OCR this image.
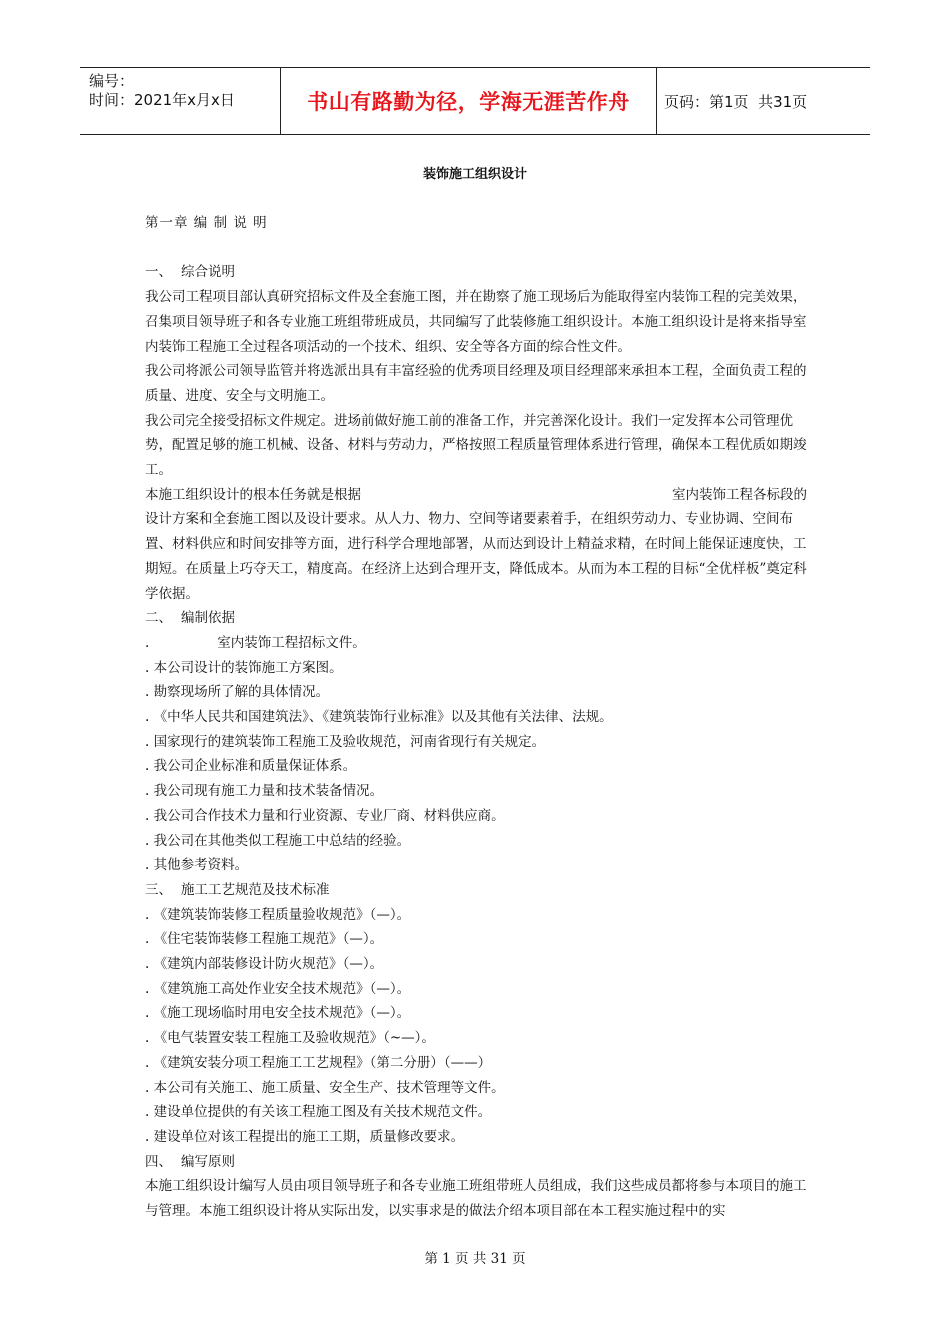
编号：
时间：2021年x月x日	书山有路勤为径，学海无涯苦作舟 页码：第1页  共31页
装饰施工组织设计

第一章 编 制 说 明

一、 综合说明

我公司工程项目部认真研究招标文件及全套施工图，并在勘察了施工现场后为能取得室内装饰工程的完美效果，召集项目领导班子和各专业施工班组带班成员，共同编写了此装修施工组织设计。本施工组织设计是将来指导室内装饰工程施工全过程各项活动的一个技术、组织、安全等各方面的综合性文件。

我公司将派公司领导监管并将选派出具有丰富经验的优秀项目经理及项目经理部来承担本工程，全面负责工程的质量、进度、安全与文明施工。

我公司完全接受招标文件规定。进场前做好施工前的准备工作，并完善深化设计。我们一定发挥本公司管理优势，配置足够的施工机械、设备、材料与劳动力，严格按照工程质量管理体系进行管理，确保本工程优质如期竣工。

本施工组织设计的根本任务就是根据	室内装饰工程各标段的

设计方案和全套施工图以及设计要求。从人力、物力、空间等诸要素着手，在组织劳动力、专业协调、空间布置、材料供应和时间安排等方面，进行科学合理地部署，从而达到设计上精益求精，在时间上能保证速度快，工期短。在质量上巧夺天工，精度高。在经济上达到合理开支，降低成本。从而为本工程的目标“全优样板”奠定科学依据。

二、 编制依据

.	室内装饰工程招标文件。

. 本公司设计的装饰施工方案图。

. 勘察现场所了解的具体情况。

. 《中华人民共和国建筑法》、《建筑装饰行业标准》以及其他有关法律、法规。

. 国家现行的建筑装饰工程施工及验收规范，河南省现行有关规定。

. 我公司企业标准和质量保证体系。

. 我公司现有施工力量和技术装备情况。

. 我公司合作技术力量和行业资源、专业厂商、材料供应商。

. 我公司在其他类似工程施工中总结的经验。

. 其他参考资料。

三、 施工工艺规范及技术标准

. 《建筑装饰装修工程质量验收规范》（—）。

. 《住宅装饰装修工程施工规范》（—）。

. 《建筑内部装修设计防火规范》（—）。

. 《建筑施工高处作业安全技术规范》（—）。

. 《施工现场临时用电安全技术规范》（—）。

. 《电气装置安装工程施工及验收规范》（~—）。

. 《建筑安装分项工程施工工艺规程》（第二分册）（——）

. 本公司有关施工、施工质量、安全生产、技术管理等文件。

. 建设单位提供的有关该工程施工图及有关技术规范文件。

. 建设单位对该工程提出的施工工期，质量修改要求。

四、 编写原则

本施工组织设计编写人员由项目领导班子和各专业施工班组带班人员组成，我们这些成员都将参与本项目的施工与管理。本施工组织设计将从实际出发，以实事求是的做法介绍本项目部在本工程实施过程中的实

第 1 页 共 31 页
